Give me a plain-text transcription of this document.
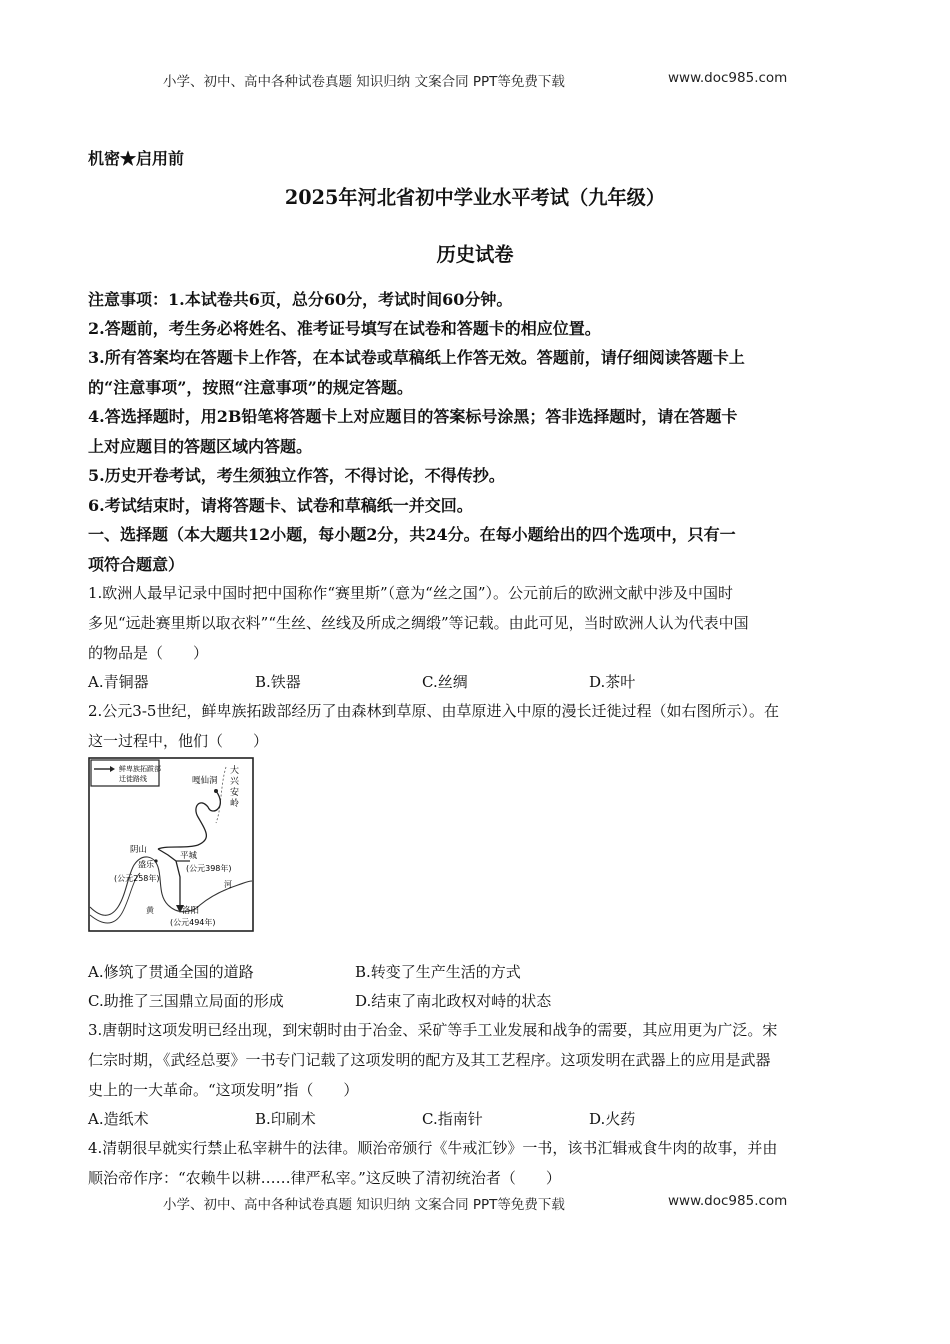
小学、初中、高中各种试卷真题 知识归纳 文案合同 PPT等免费下载	www.doc985.com
机密★启用前
2025年河北省初中学业水平考试（九年级）
历史试卷
注意事项：1.本试卷共6页，总分60分，考试时间60分钟。
2.答题前，考生务必将姓名、准考证号填写在试卷和答题卡的相应位置。
3.所有答案均在答题卡上作答，在本试卷或草稿纸上作答无效。答题前，请仔细阅读答题卡上
的“注意事项”，按照“注意事项”的规定答题。
4.答选择题时，用2B铅笔将答题卡上对应题目的答案标号涂黑；答非选择题时，请在答题卡
上对应题目的答题区域内答题。
5.历史开卷考试，考生须独立作答，不得讨论，不得传抄。
6.考试结束时，请将答题卡、试卷和草稿纸一并交回。
一、选择题（本大题共12小题，每小题2分，共24分。在每小题给出的四个选项中，只有一
项符合题意）
1.欧洲人最早记录中国时把中国称作“赛里斯”（意为“丝之国”）。公元前后的欧洲文献中涉及中国时
多见“远赴赛里斯以取衣料”“生丝、丝线及所成之绸缎”等记载。由此可见，当时欧洲人认为代表中国
的物品是（　　）
A.青铜器	B.铁器	C.丝绸	D.茶叶
2.公元3-5世纪，鲜卑族拓跋部经历了由森林到草原、由草原进入中原的漫长迁徙过程（如右图所示）。在
这一过程中，他们（　　）
鲜卑族拓跋部
迁徙路线
大兴安岭
嘎仙洞
阴山
盛乐
(公元258年)
平城
(公元398年)
河
黄	洛阳
(公元494年)
A.修筑了贯通全国的道路	B.转变了生产生活的方式
C.助推了三国鼎立局面的形成	D.结束了南北政权对峙的状态
3.唐朝时这项发明已经出现，到宋朝时由于冶金、采矿等手工业发展和战争的需要，其应用更为广泛。宋
仁宗时期，《武经总要》一书专门记载了这项发明的配方及其工艺程序。这项发明在武器上的应用是武器
史上的一大革命。“这项发明”指（　　）
A.造纸术	B.印刷术	C.指南针	D.火药
4.清朝很早就实行禁止私宰耕牛的法律。顺治帝颁行《牛戒汇钞》一书，该书汇辑戒食牛肉的故事，并由
顺治帝作序：“农赖牛以耕……律严私宰。”这反映了清初统治者（　　）
小学、初中、高中各种试卷真题 知识归纳 文案合同 PPT等免费下载	www.doc985.com
